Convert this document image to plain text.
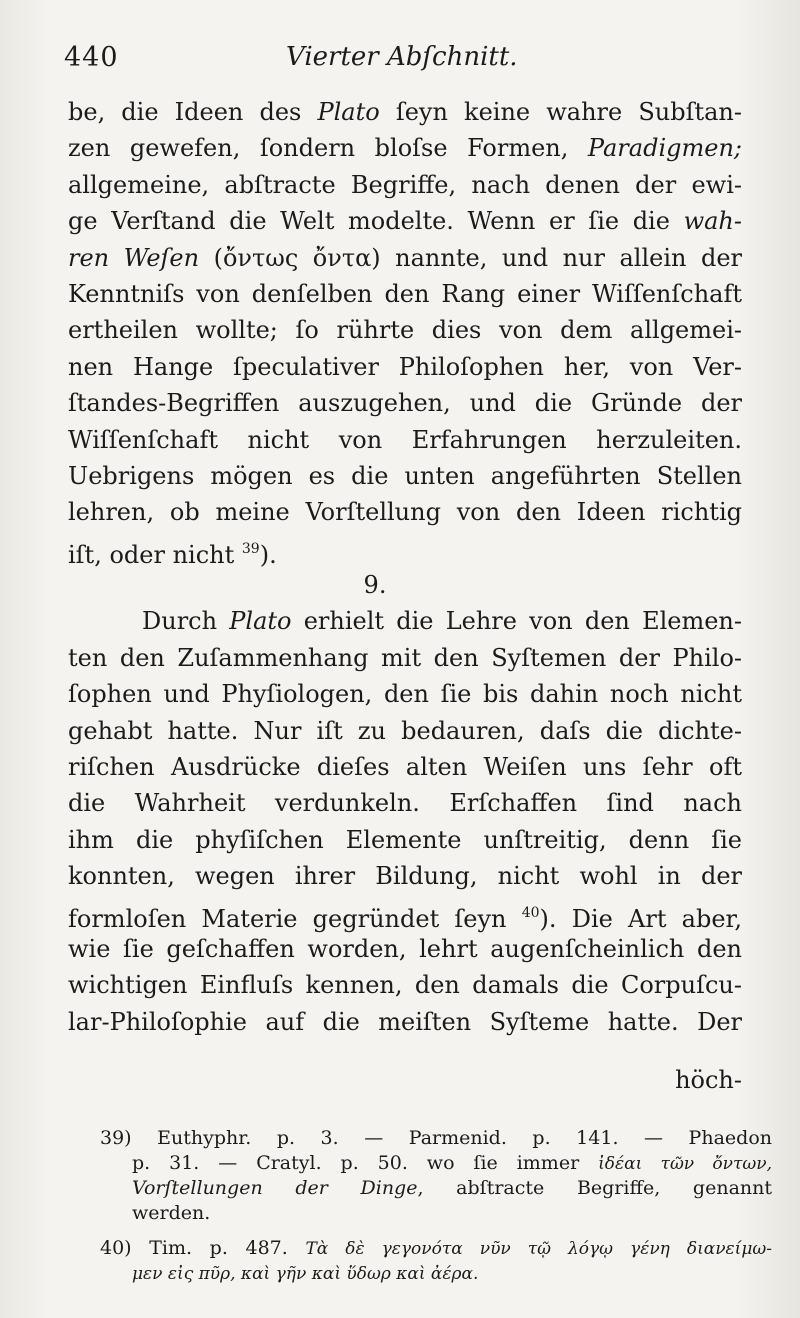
440	Vierter Abſchnitt.
be, die Ideen des Plato ſeyn keine wahre Subſtan-
zen gewefen, ſondern bloſse Formen, Paradigmen;
allgemeine, abſtracte Begriffe, nach denen der ewi-
ge Verſtand die Welt modelte. Wenn er ſie die wah-
ren Weſen (ὄντως ὄντα) nannte, und nur allein der
Kenntniſs von denſelben den Rang einer Wiſſenſchaft
ertheilen wollte; ſo rührte dies von dem allgemei-
nen Hange ſpeculativer Philoſophen her, von Ver-
ſtandes-Begriffen auszugehen, und die Gründe der
Wiſſenſchaft nicht von Erfahrungen herzuleiten.
Uebrigens mögen es die unten angeführten Stellen
lehren, ob meine Vorſtellung von den Ideen richtig
iſt, oder nicht $^{39}$).
9.
Durch Plato erhielt die Lehre von den Elemen-
ten den Zuſammenhang mit den Syſtemen der Philo-
ſophen und Phyſiologen, den ſie bis dahin noch nicht
gehabt hatte. Nur iſt zu bedauren, daſs die dichte-
riſchen Ausdrücke dieſes alten Weiſen uns ſehr oft
die Wahrheit verdunkeln. Erſchaffen ſind nach
ihm die phyſiſchen Elemente unſtreitig, denn ſie
konnten, wegen ihrer Bildung, nicht wohl in der
formloſen Materie gegründet ſeyn $^{40}$). Die Art aber,
wie ſie geſchaffen worden, lehrt augenſcheinlich den
wichtigen Einfluſs kennen, den damals die Corpuſcu-
lar-Philoſophie auf die meiſten Syſteme hatte. Der
höch-
39) Euthyphr. p. 3. — Parmenid. p. 141. — Phaedon
p. 31. — Cratyl. p. 50. wo ſie immer ἰδέαι τῶν ὄντων,
Vorſtellungen der Dinge, abſtracte Begriffe, genannt
werden.
40) Tim. p. 487. Τὰ δὲ γεγονότα νῦν τῷ λόγῳ γένη διανείμω-
μεν εἰς πῦρ, καὶ γῆν καὶ ὕδωρ καὶ ἀέρα.
